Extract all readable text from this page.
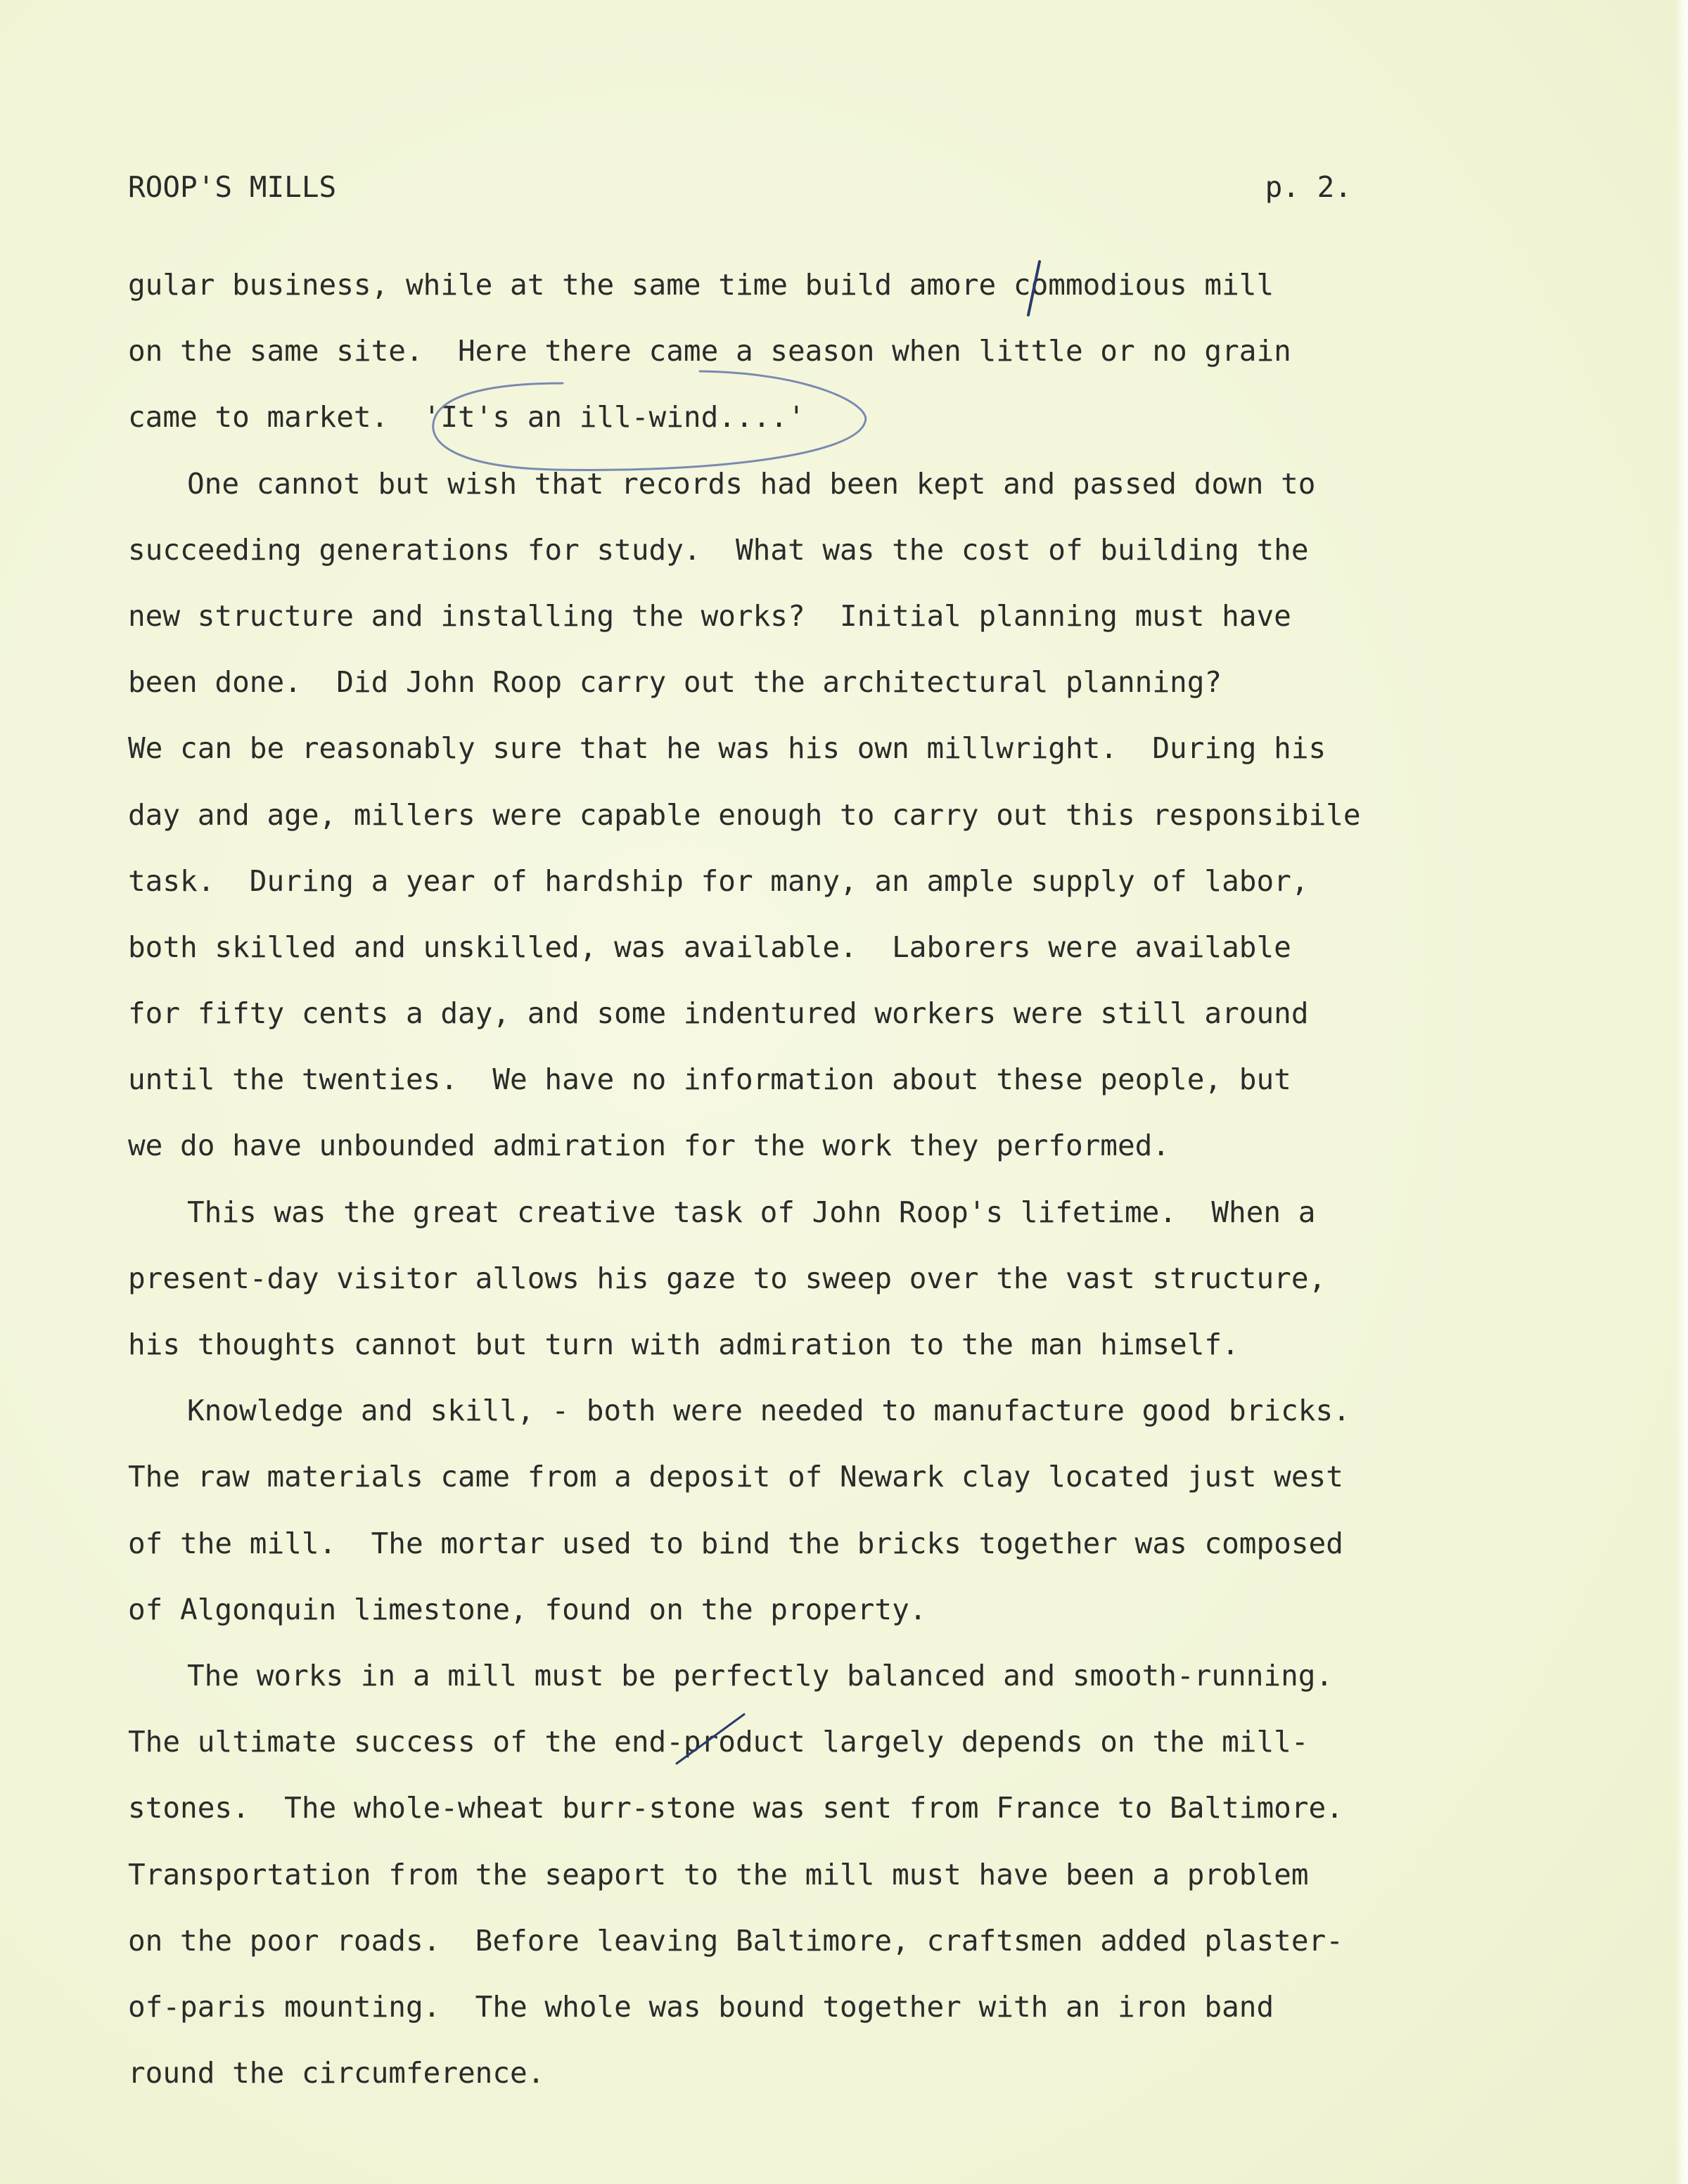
ROOP'S MILLS	p. 2.
gular business, while at the same time build amore commodious mill
on the same site.  Here there came a season when little or no grain
came to market.  'It's an ill-wind....'
One cannot but wish that records had been kept and passed down to
succeeding generations for study.  What was the cost of building the
new structure and installing the works?  Initial planning must have
been done.  Did John Roop carry out the architectural planning?
We can be reasonably sure that he was his own millwright.  During his
day and age, millers were capable enough to carry out this responsibile
task.  During a year of hardship for many, an ample supply of labor,
both skilled and unskilled, was available.  Laborers were available
for fifty cents a day, and some indentured workers were still around
until the twenties.  We have no information about these people, but
we do have unbounded admiration for the work they performed.
This was the great creative task of John Roop's lifetime.  When a
present-day visitor allows his gaze to sweep over the vast structure,
his thoughts cannot but turn with admiration to the man himself.
Knowledge and skill, - both were needed to manufacture good bricks.
The raw materials came from a deposit of Newark clay located just west
of the mill.  The mortar used to bind the bricks together was composed
of Algonquin limestone, found on the property.
The works in a mill must be perfectly balanced and smooth-running.
The ultimate success of the end-product largely depends on the mill-
stones.  The whole-wheat burr-stone was sent from France to Baltimore.
Transportation from the seaport to the mill must have been a problem
on the poor roads.  Before leaving Baltimore, craftsmen added plaster-
of-paris mounting.  The whole was bound together with an iron band
round the circumference.
